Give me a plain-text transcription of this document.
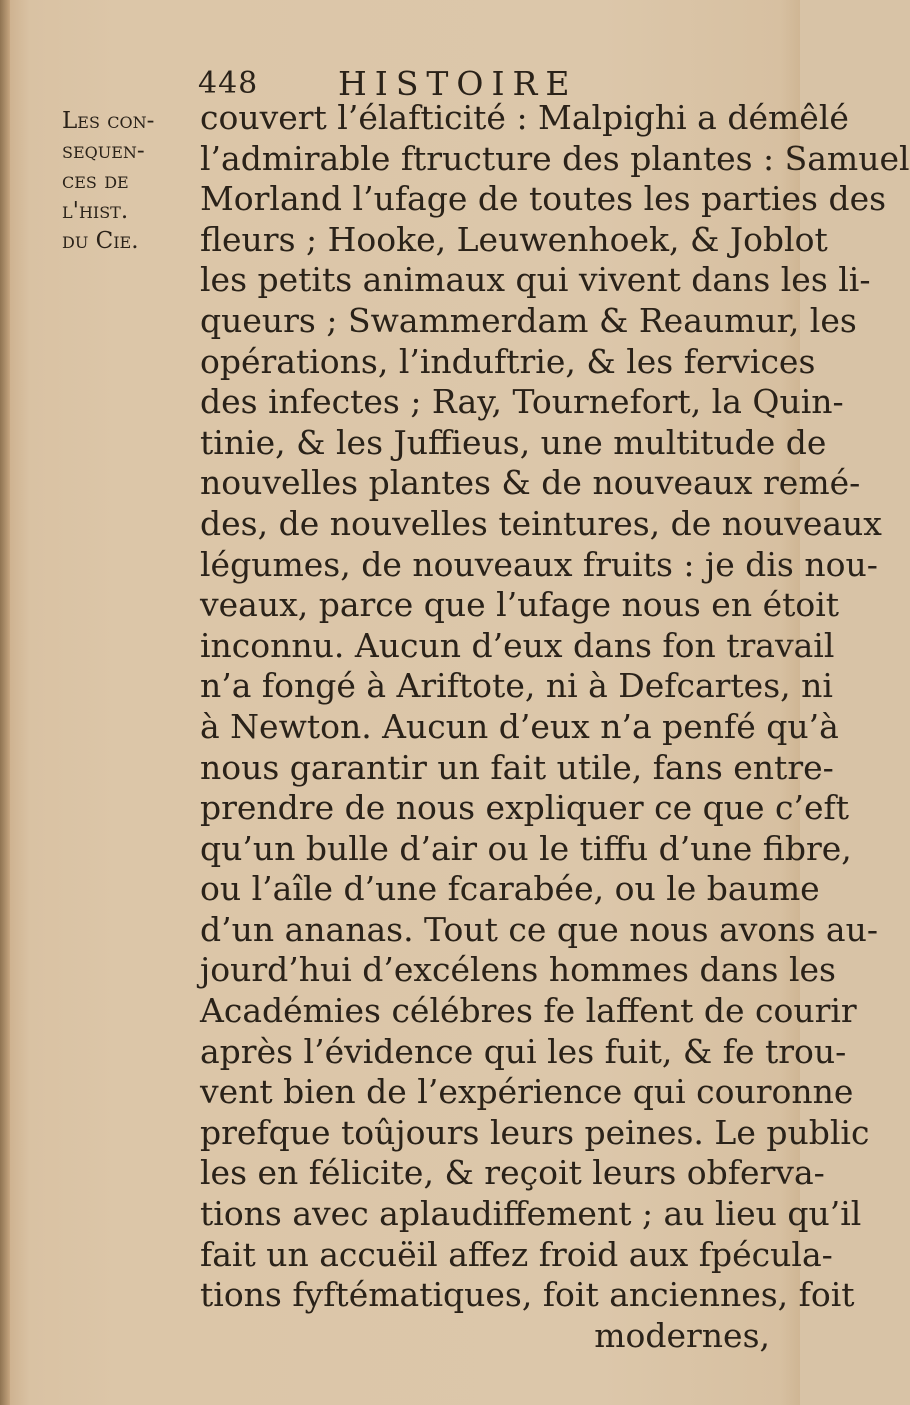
448 HISTOIRE
Les con-
sequen-
ces de
l'hist.
du Cie.
couvert l’élafticité : Malpighi a démêlé
l’admirable ftructure des plantes : Samuel
Morland l’ufage de toutes les parties des
fleurs ; Hooke, Leuwenhoek, & Joblot
les petits animaux qui vivent dans les li-
queurs ; Swammerdam & Reaumur, les
opérations, l’induftrie, & les fervices
des infectes ; Ray, Tournefort, la Quin-
tinie, & les Juffieus, une multitude de
nouvelles plantes & de nouveaux remé-
des, de nouvelles teintures, de nouveaux
légumes, de nouveaux fruits : je dis nou-
veaux, parce que l’ufage nous en étoit
inconnu. Aucun d’eux dans fon travail
n’a fongé à Ariftote, ni à Defcartes, ni
à Newton. Aucun d’eux n’a penfé qu’à
nous garantir un fait utile, fans entre-
prendre de nous expliquer ce que c’eft
qu’un bulle d’air ou le tiffu d’une fibre,
ou l’aîle d’une fcarabée, ou le baume
d’un ananas. Tout ce que nous avons au-
jourd’hui d’excélens hommes dans les
Académies célébres fe laffent de courir
après l’évidence qui les fuit, & fe trou-
vent bien de l’expérience qui couronne
prefque toûjours leurs peines. Le public
les en félicite, & reçoit leurs obferva-
tions avec aplaudiffement ; au lieu qu’il
fait un accuëil affez froid aux fpécula-
tions fyftématiques, foit anciennes, foit
modernes,
